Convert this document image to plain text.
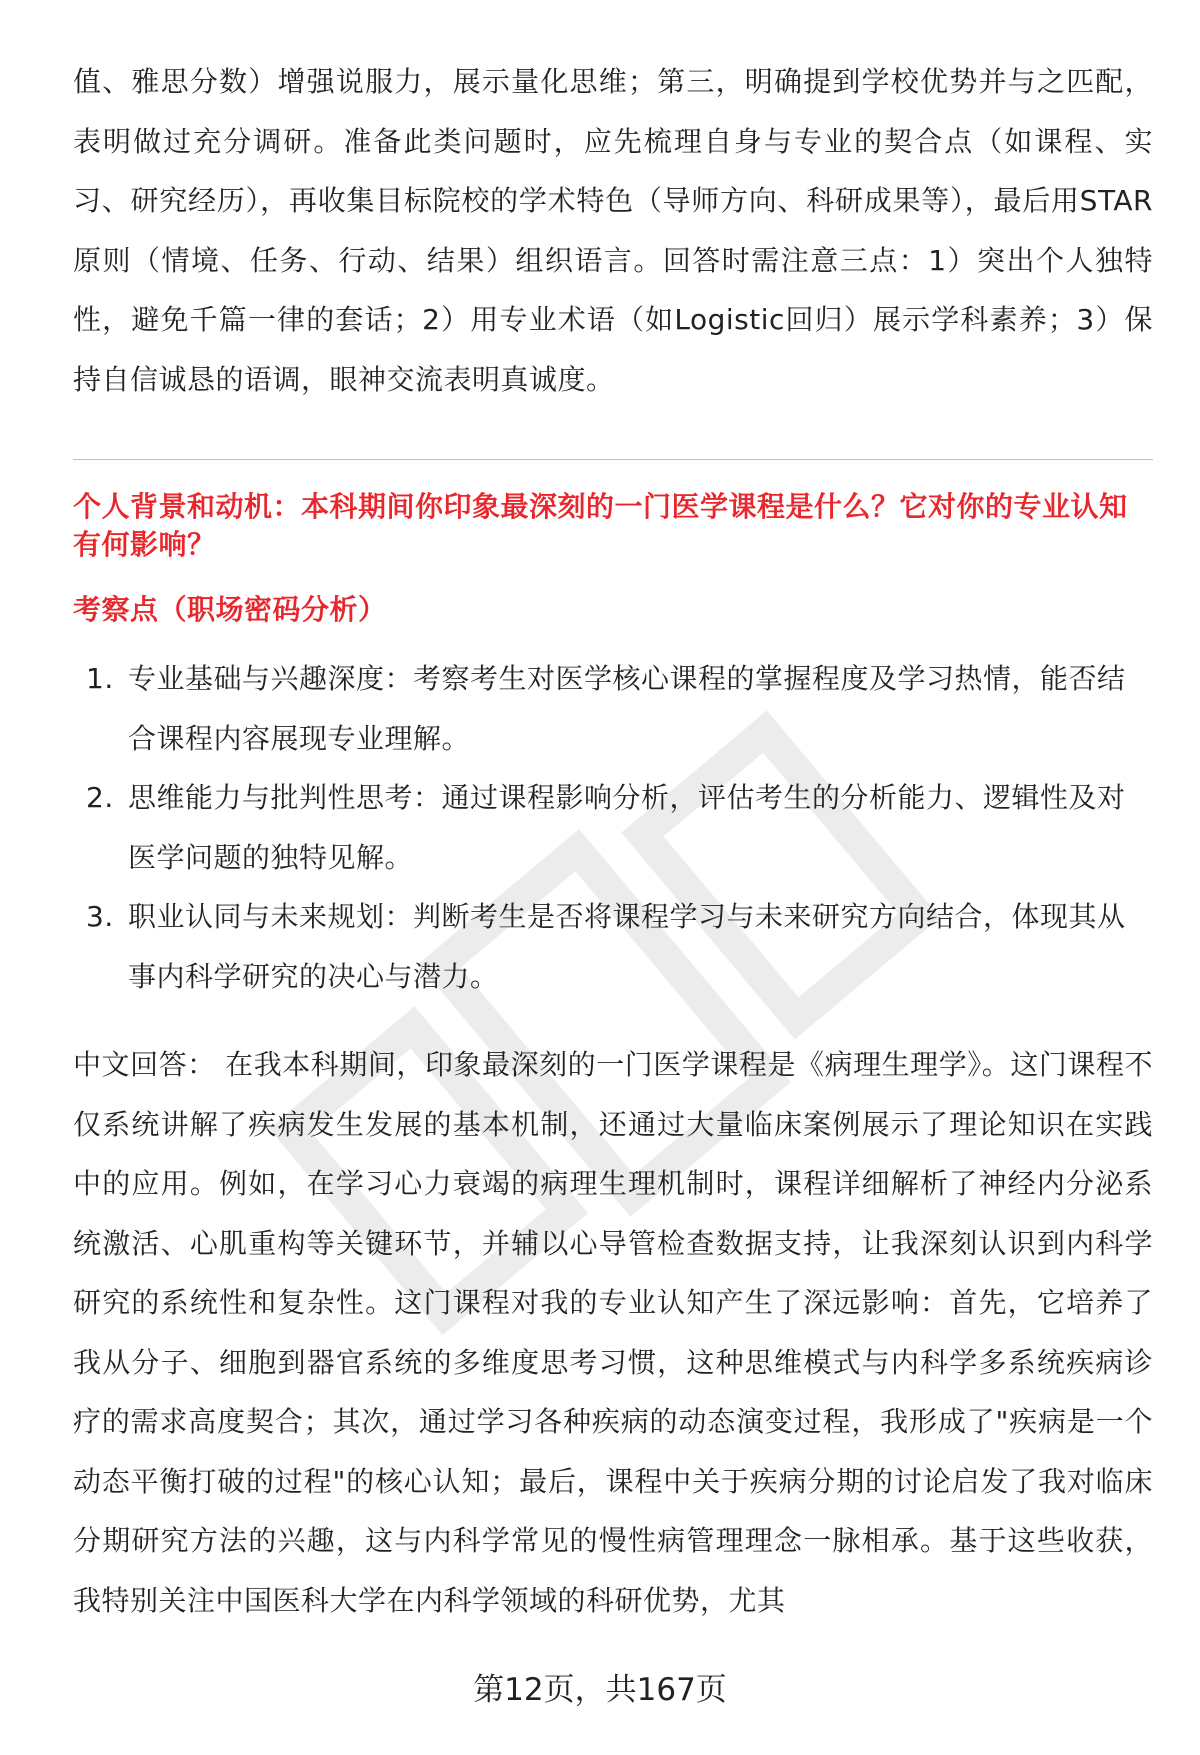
值、雅思分数）增强说服力，展示量化思维；第三，明确提到学校优势并与之匹配，表明做过充分调研。准备此类问题时，应先梳理自身与专业的契合点（如课程、实习、研究经历），再收集目标院校的学术特色（导师方向、科研成果等），最后用STAR原则（情境、任务、行动、结果）组织语言。回答时需注意三点：1）突出个人独特性，避免千篇一律的套话；2）用专业术语（如Logistic回归）展示学科素养；3）保持自信诚恳的语调，眼神交流表明真诚度。

个人背景和动机：本科期间你印象最深刻的一门医学课程是什么？它对你的专业认知有何影响？
考察点（职场密码分析）
1. 专业基础与兴趣深度：考察考生对医学核心课程的掌握程度及学习热情，能否结合课程内容展现专业理解。
2. 思维能力与批判性思考：通过课程影响分析，评估考生的分析能力、逻辑性及对医学问题的独特见解。
3. 职业认同与未来规划：判断考生是否将课程学习与未来研究方向结合，体现其从事内科学研究的决心与潜力。

中文回答： 在我本科期间，印象最深刻的一门医学课程是《病理生理学》。这门课程不仅系统讲解了疾病发生发展的基本机制，还通过大量临床案例展示了理论知识在实践中的应用。例如，在学习心力衰竭的病理生理机制时，课程详细解析了神经内分泌系统激活、心肌重构等关键环节，并辅以心导管检查数据支持，让我深刻认识到内科学研究的系统性和复杂性。这门课程对我的专业认知产生了深远影响：首先，它培养了我从分子、细胞到器官系统的多维度思考习惯，这种思维模式与内科学多系统疾病诊疗的需求高度契合；其次，通过学习各种疾病的动态演变过程，我形成了"疾病是一个动态平衡打破的过程"的核心认知；最后，课程中关于疾病分期的讨论启发了我对临床分期研究方法的兴趣，这与内科学常见的慢性病管理理念一脉相承。基于这些收获，我特别关注中国医科大学在内科学领域的科研优势，尤其

第12页，共167页
